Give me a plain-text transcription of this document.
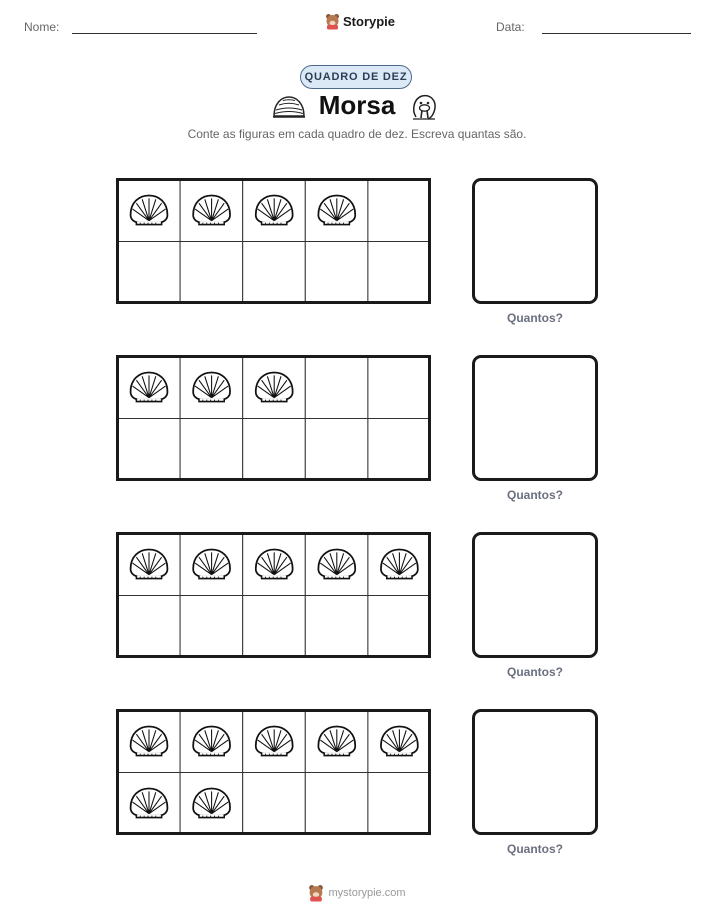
Nome:	Storypie	Data:
QUADRO DE DEZ
Morsa
Conte as figuras em cada quadro de dez. Escreva quantas são.
Quantos?
Quantos?
Quantos?
Quantos?
mystorypie.com
